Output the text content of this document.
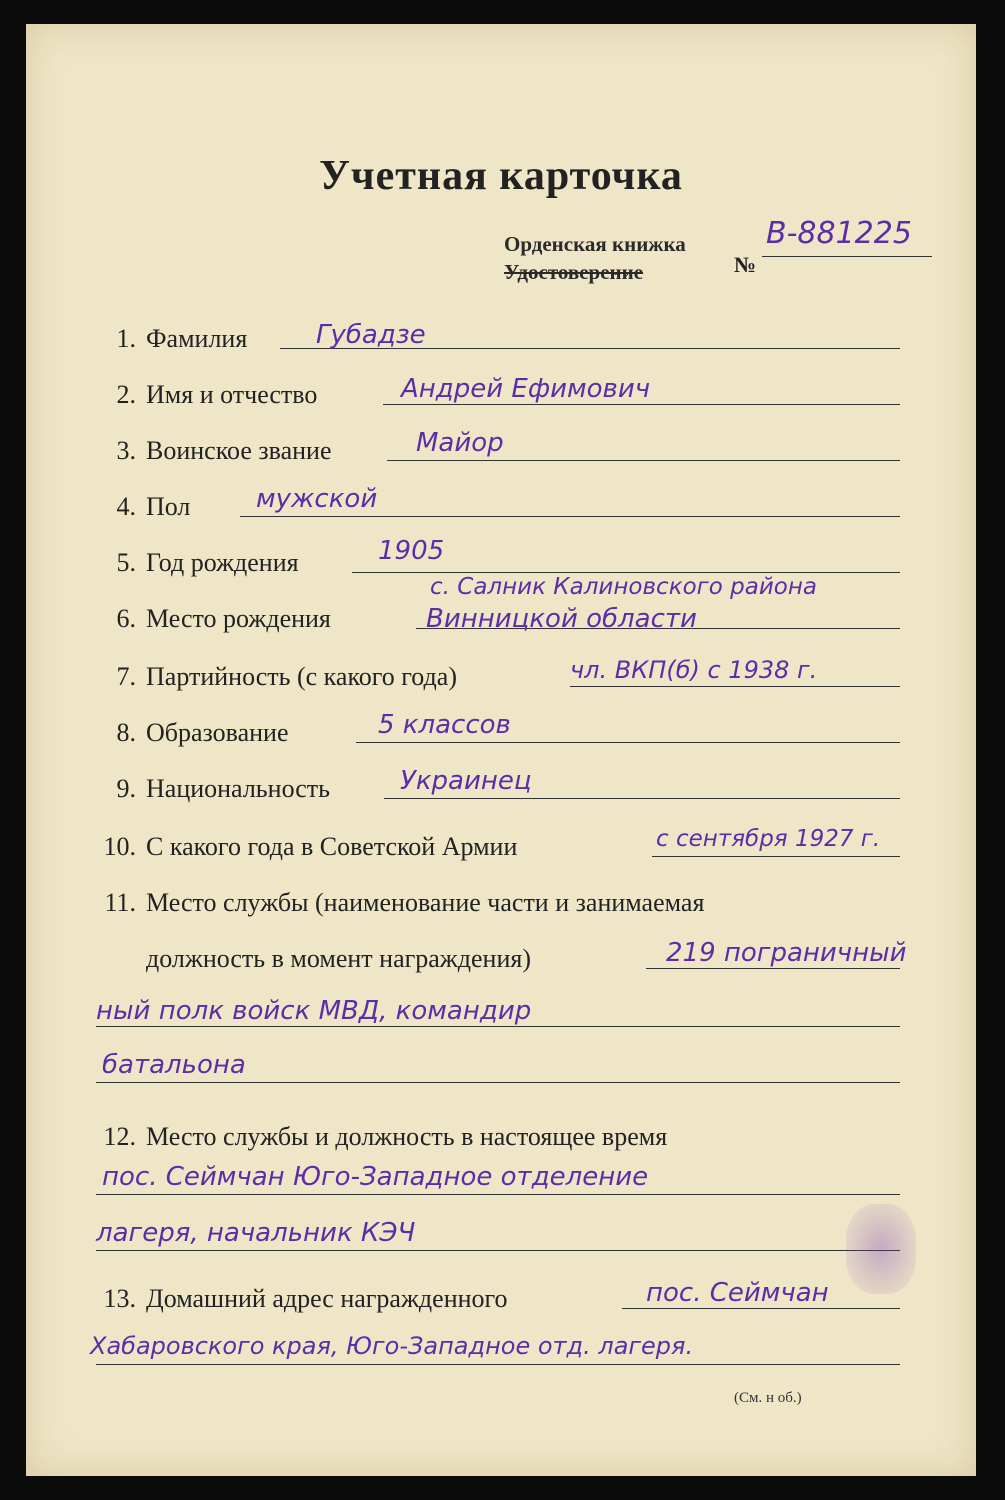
Учетная карточка
Орденская книжка
Удостоверение	№
В-881225
1. Фамилия	Губадзе
2. Имя и отчество	Андрей Ефимович
3. Воинское звание	Майор
4. Пол	мужской
5. Год рождения	1905
6. Место рождения
с. Салник Калиновского района
Винницкой области
7. Партийность (с какого года)	чл. ВКП(б) с 1938 г.
8. Образование	5 классов
9. Национальность	Украинец
10. С какого года в Советской Армии	с сентября 1927 г.
11. Место службы (наименование части и занимаемая
должность в момент награждения)	219 пограничный
ный полк войск МВД, командир
батальона
12. Место службы и должность в настоящее время
пос. Сеймчан Юго-Западное отделение
лагеря, начальник КЭЧ
13. Домашний адрес награжденного	пос. Сеймчан
Хабаровского края, Юго-Западное отд. лагеря.
(См. н об.)
